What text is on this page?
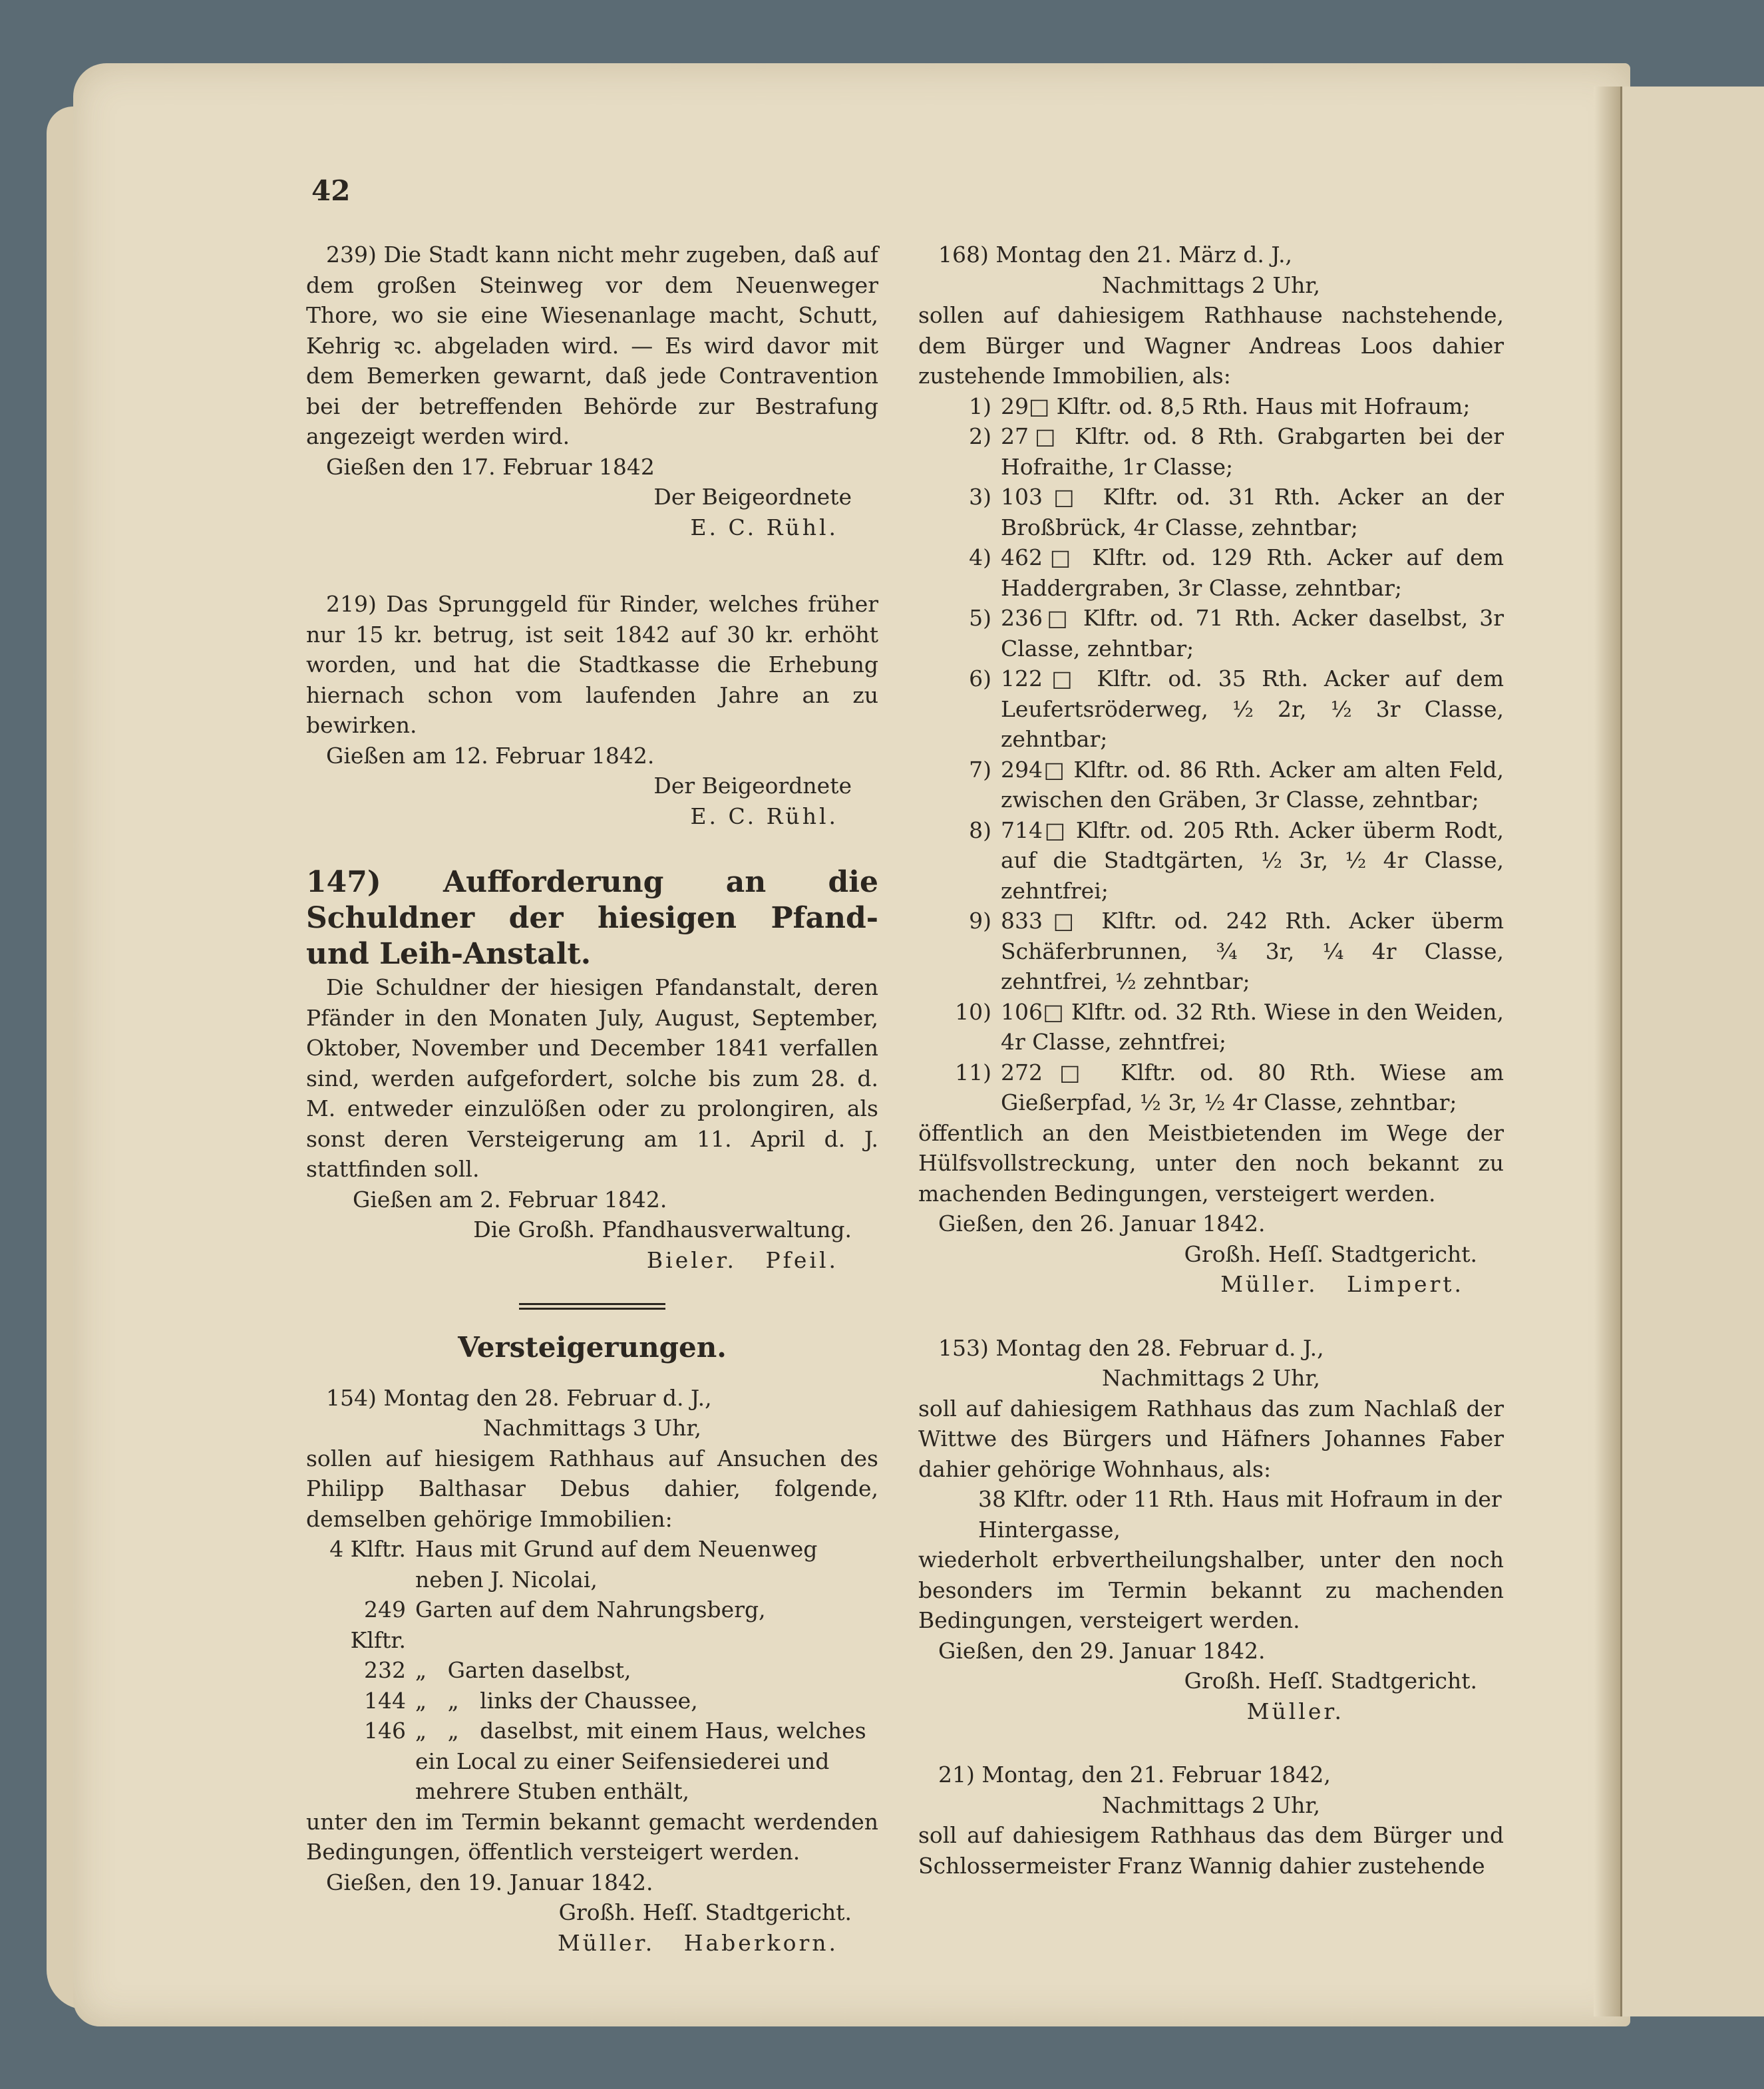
42

239) Die Stadt kann nicht mehr zugeben, daß auf dem großen Steinweg vor dem Neuenweger Thore, wo sie eine Wiesenanlage macht, Schutt, Kehrig ꝛc. abgeladen wird. — Es wird davor mit dem Bemerken gewarnt, daß jede Contravention bei der betreffenden Behörde zur Bestrafung angezeigt werden wird.

Gießen den 17. Februar 1842

Der Beigeordnete

E. C. Rühl.

219) Das Sprunggeld für Rinder, welches früher nur 15 kr. betrug, ist seit 1842 auf 30 kr. erhöht worden, und hat die Stadtkasse die Erhebung hiernach schon vom laufenden Jahre an zu bewirken.

Gießen am 12. Februar 1842.

Der Beigeordnete

E. C. Rühl.

147) Aufforderung an die Schuldner der hiesigen Pfand- und Leih-Anstalt.

Die Schuldner der hiesigen Pfandanstalt, deren Pfänder in den Monaten July, August, September, Oktober, November und December 1841 verfallen sind, werden aufgefordert, solche bis zum 28. d. M. entweder einzulößen oder zu prolongiren, als sonst deren Versteigerung am 11. April d. J. stattfinden soll.

Gießen am 2. Februar 1842.

Die Großh. Pfandhausverwaltung.

Bieler.   Pfeil.

Versteigerungen.

154) Montag den 28. Februar d. J.,

Nachmittags 3 Uhr,

sollen auf hiesigem Rathhaus auf Ansuchen des Philipp Balthasar Debus dahier, folgende, demselben gehörige Immobilien:

4 Klftr. Haus mit Grund auf dem Neuenweg neben J. Nicolai,
249 Klftr.
Garten auf dem Nahrungsberg,
232 „   Garten daselbst,
144 „   „   links der Chaussee,
146 „   „   daselbst, mit einem Haus, welches ein Local zu einer Seifensiederei und mehrere Stuben enthält,

unter den im Termin bekannt gemacht werdenden Bedingungen, öffentlich versteigert werden.

Gießen, den 19. Januar 1842.

Großh. Heſſ. Stadtgericht.

Müller.   Haberkorn.

168) Montag den 21. März d. J.,

Nachmittags 2 Uhr,

sollen auf dahiesigem Rathhause nachstehende, dem Bürger und Wagner Andreas Loos dahier zustehende Immobilien, als:

1) 29□ Klftr. od. 8,5 Rth. Haus mit Hofraum;
2) 27□ Klftr. od. 8 Rth. Grabgarten bei der Hofraithe, 1r Classe;
3) 103□ Klftr. od. 31 Rth. Acker an der Broßbrück, 4r Classe, zehntbar;
4) 462□ Klftr. od. 129 Rth. Acker auf dem Haddergraben, 3r Classe, zehntbar;
5) 236□ Klftr. od. 71 Rth. Acker daselbst, 3r Classe, zehntbar;
6) 122□ Klftr. od. 35 Rth. Acker auf dem Leufertsröderweg, ½ 2r, ½ 3r Classe, zehntbar;
7) 294□ Klftr. od. 86 Rth. Acker am alten Feld, zwischen den Gräben, 3r Classe, zehntbar;
8) 714□ Klftr. od. 205 Rth. Acker überm Rodt, auf die Stadtgärten, ½ 3r, ½ 4r Classe, zehntfrei;
9) 833□ Klftr. od. 242 Rth. Acker überm Schäferbrunnen, ¾ 3r, ¼ 4r Classe, zehntfrei, ½ zehntbar;
10) 106□ Klftr. od. 32 Rth. Wiese in den Weiden, 4r Classe, zehntfrei;
11) 272□ Klftr. od. 80 Rth. Wiese am Gießerpfad, ½ 3r, ½ 4r Classe, zehntbar;

öffentlich an den Meistbietenden im Wege der Hülfsvollstreckung, unter den noch bekannt zu machenden Bedingungen, versteigert werden.

Gießen, den 26. Januar 1842.

Großh. Heſſ. Stadtgericht.

Müller.   Limpert.

153) Montag den 28. Februar d. J.,

Nachmittags 2 Uhr,

soll auf dahiesigem Rathhaus das zum Nachlaß der Wittwe des Bürgers und Häfners Johannes Faber dahier gehörige Wohnhaus, als:

38 Klftr. oder 11 Rth. Haus mit Hofraum in der Hintergasse,

wiederholt erbvertheilungshalber, unter den noch besonders im Termin bekannt zu machenden Bedingungen, versteigert werden.

Gießen, den 29. Januar 1842.

Großh. Heſſ. Stadtgericht.

Müller.

21) Montag, den 21. Februar 1842,

Nachmittags 2 Uhr,

soll auf dahiesigem Rathhaus das dem Bürger und Schlossermeister Franz Wannig dahier zustehende
